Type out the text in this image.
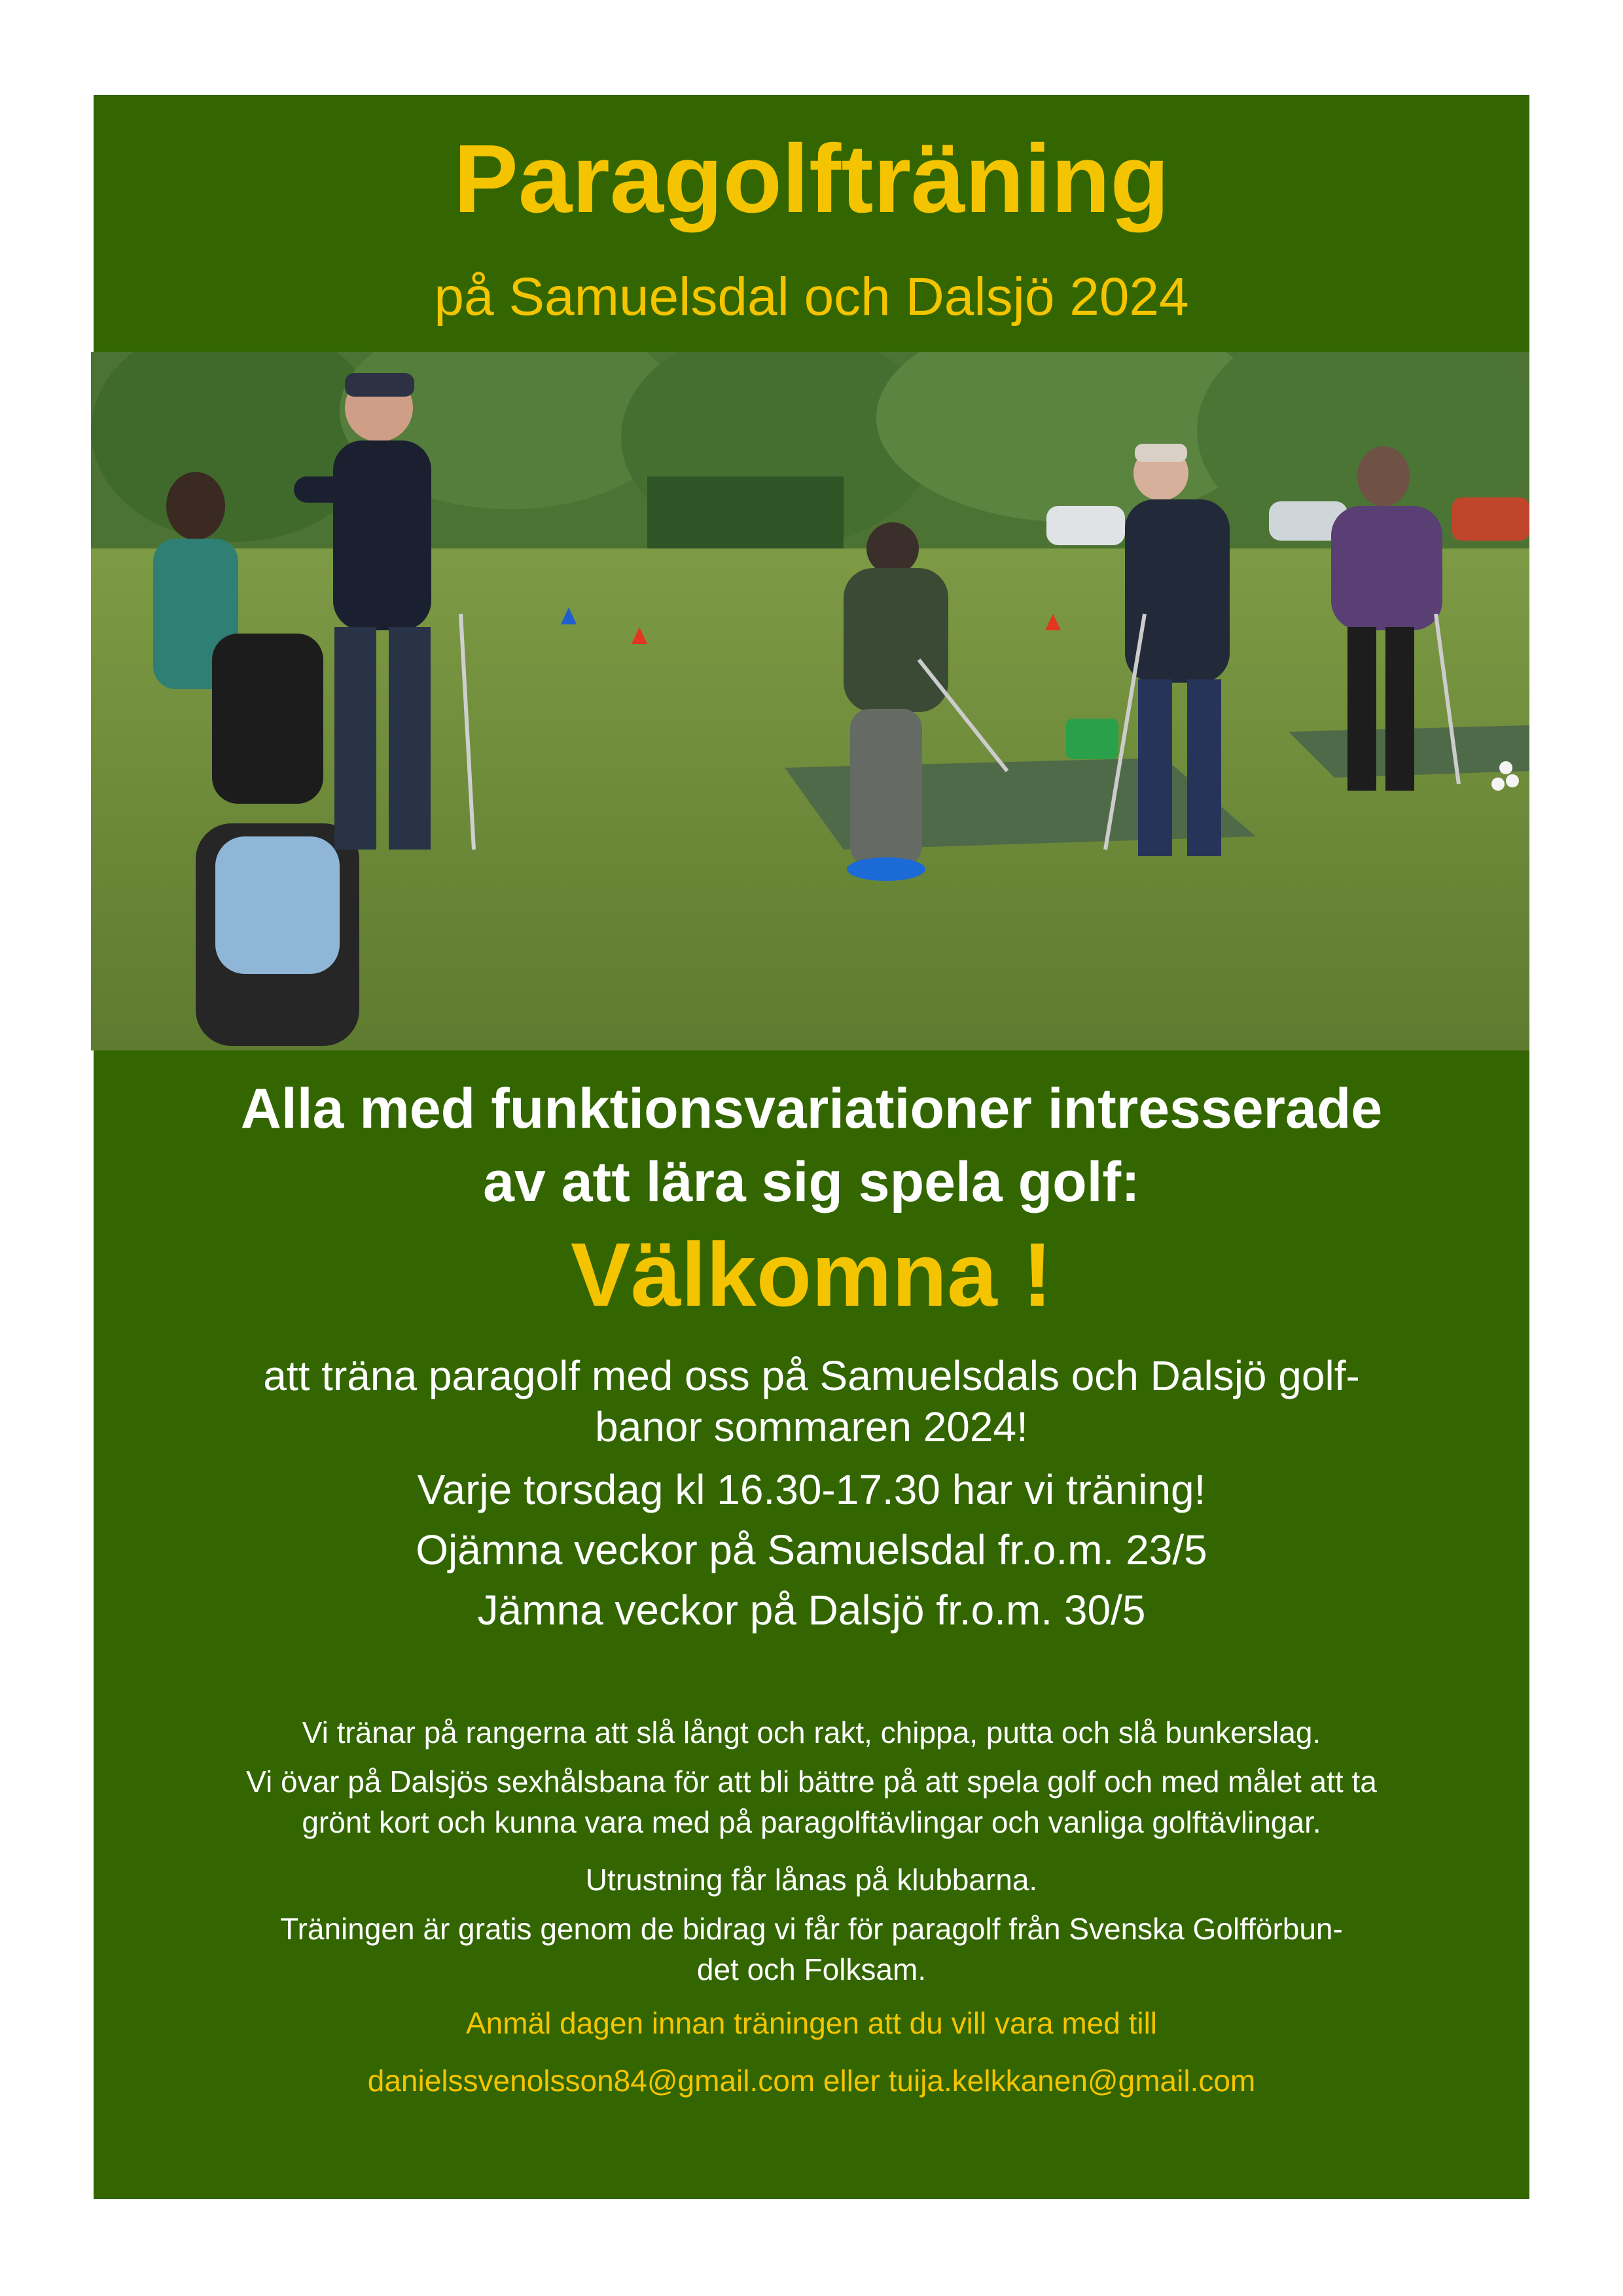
Paragolfträning
på Samuelsdal och Dalsjö 2024
Alla med funktionsvariationer intresserade
av att lära sig spela golf:
Välkomna !
att träna paragolf med oss på Samuelsdals och Dalsjö golf-
banor sommaren 2024!
Varje torsdag kl 16.30-17.30 har vi träning!
Ojämna veckor på Samuelsdal fr.o.m. 23/5
Jämna veckor på Dalsjö fr.o.m. 30/5
Vi tränar på rangerna att slå långt och rakt, chippa, putta och slå bunkerslag.
Vi övar på Dalsjös sexhålsbana för att bli bättre på att spela golf och med målet att ta
grönt kort och kunna vara med på paragolftävlingar och vanliga golftävlingar.
Utrustning får lånas på klubbarna.
Träningen är gratis genom de bidrag vi får för paragolf från Svenska Golfförbun-
det och Folksam.
Anmäl dagen innan träningen att du vill vara med till
danielssvenolsson84@gmail.com eller tuija.kelkkanen@gmail.com
